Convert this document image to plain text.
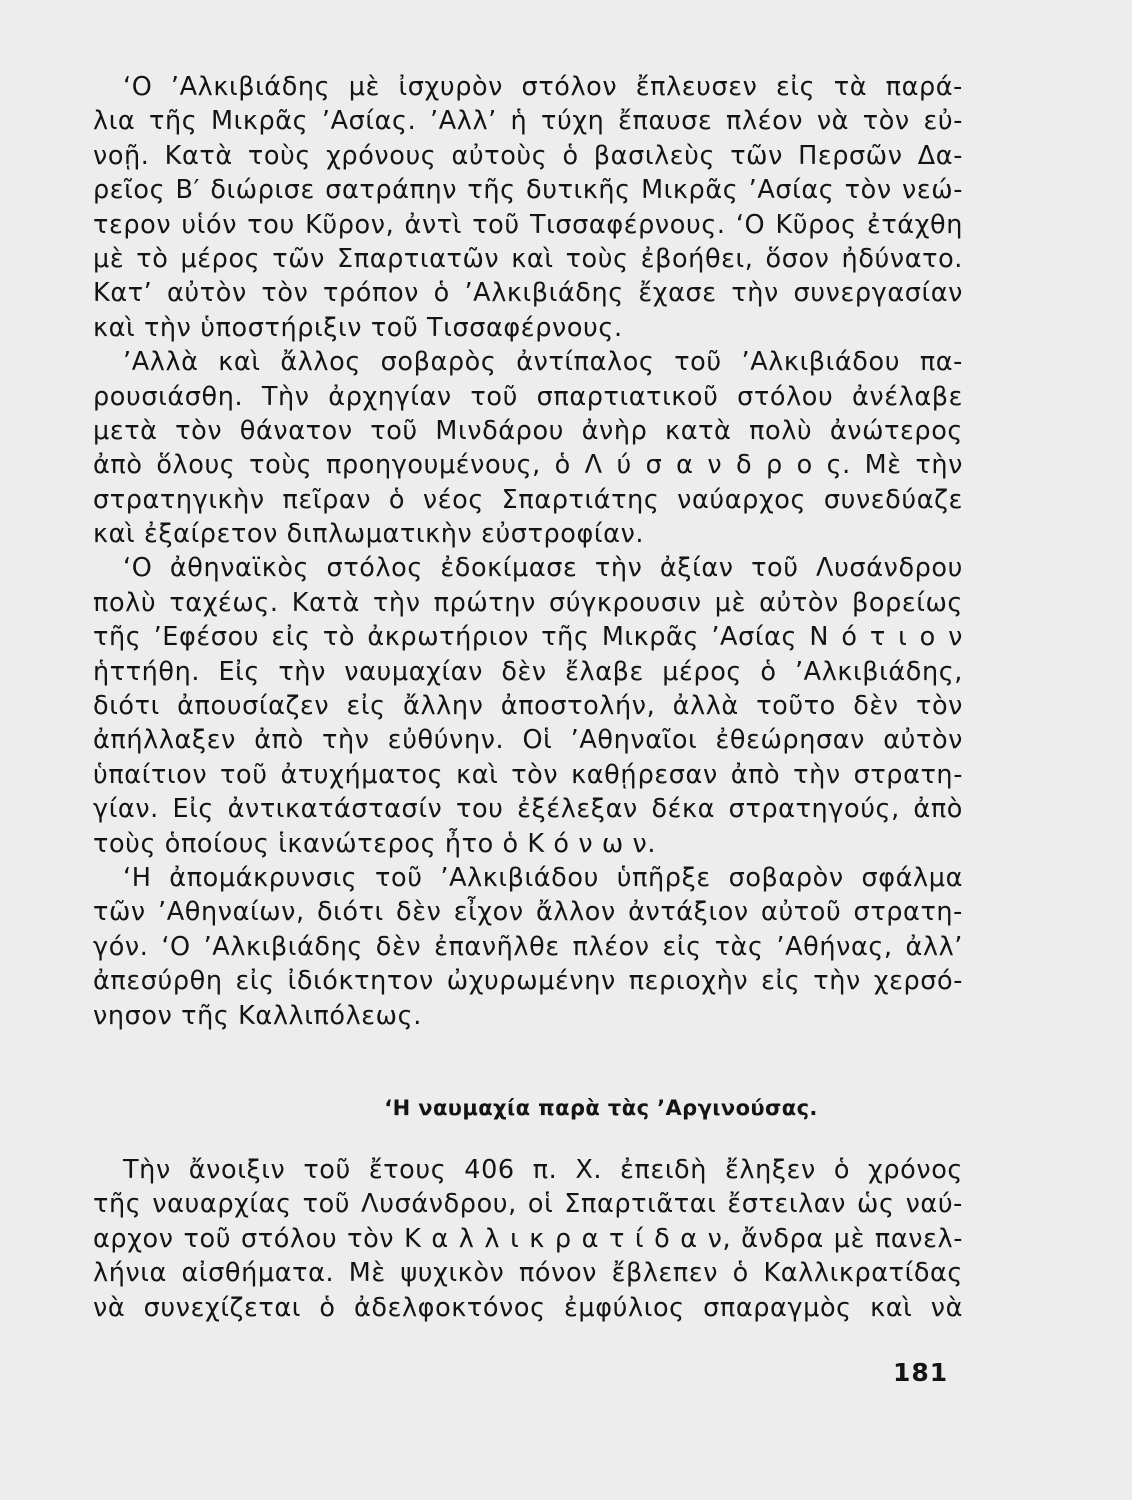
‘Ο ’Αλκιβιάδης μὲ ἰσχυρὸν στόλον ἔπλευσεν εἰς τὰ παρά-
λια τῆς Μικρᾶς ’Ασίας. ’Αλλ’ ἡ τύχη ἔπαυσε πλέον νὰ τὸν εὐ-
νοῇ. Κατὰ τοὺς χρόνους αὐτοὺς ὁ βασιλεὺς τῶν Περσῶν Δα-
ρεῖος Β′ διώρισε σατράπην τῆς δυτικῆς Μικρᾶς ’Ασίας τὸν νεώ-
τερον υἱόν του Κῦρον, ἀντὶ τοῦ Τισσαφέρνους. ‘Ο Κῦρος ἐτάχθη
μὲ τὸ μέρος τῶν Σπαρτιατῶν καὶ τοὺς ἐβοήθει, ὅσον ἠδύνατο.
Κατ’ αὐτὸν τὸν τρόπον ὁ ’Αλκιβιάδης ἔχασε τὴν συνεργασίαν
καὶ τὴν ὑποστήριξιν τοῦ Τισσαφέρνους.
’Αλλὰ καὶ ἄλλος σοβαρὸς ἀντίπαλος τοῦ ’Αλκιβιάδου πα-
ρουσιάσθη. Τὴν ἀρχηγίαν τοῦ σπαρτιατικοῦ στόλου ἀνέλαβε
μετὰ τὸν θάνατον τοῦ Μινδάρου ἀνὴρ κατὰ πολὺ ἀνώτερος
ἀπὸ ὅλους τοὺς προηγουμένους, ὁ Λ ύ σ α ν δ ρ ο ς. Μὲ τὴν
στρατηγικὴν πεῖραν ὁ νέος Σπαρτιάτης ναύαρχος συνεδύαζε
καὶ ἐξαίρετον διπλωματικὴν εὐστροφίαν.
‘Ο ἀθηναϊκὸς στόλος ἐδοκίμασε τὴν ἀξίαν τοῦ Λυσάνδρου
πολὺ ταχέως. Κατὰ τὴν πρώτην σύγκρουσιν μὲ αὐτὸν βορείως
τῆς ’Εφέσου εἰς τὸ ἀκρωτήριον τῆς Μικρᾶς ’Ασίας Ν ό τ ι ο ν
ἡττήθη. Εἰς τὴν ναυμαχίαν δὲν ἔλαβε μέρος ὁ ’Αλκιβιάδης,
διότι ἀπουσίαζεν εἰς ἄλλην ἀποστολήν, ἀλλὰ τοῦτο δὲν τὸν
ἀπήλλαξεν ἀπὸ τὴν εὐθύνην. Οἱ ’Αθηναῖοι ἐθεώρησαν αὐτὸν
ὑπαίτιον τοῦ ἀτυχήματος καὶ τὸν καθῄρεσαν ἀπὸ τὴν στρατη-
γίαν. Εἰς ἀντικατάστασίν του ἐξέλεξαν δέκα στρατηγούς, ἀπὸ
τοὺς ὁποίους ἱκανώτερος ἦτο ὁ Κ ό ν ω ν.
‘Η ἀπομάκρυνσις τοῦ ’Αλκιβιάδου ὑπῆρξε σοβαρὸν σφάλμα
τῶν ’Αθηναίων, διότι δὲν εἶχον ἄλλον ἀντάξιον αὐτοῦ στρατη-
γόν. ‘Ο ’Αλκιβιάδης δὲν ἐπανῆλθε πλέον εἰς τὰς ’Αθήνας, ἀλλ’
ἀπεσύρθη εἰς ἰδιόκτητον ὠχυρωμένην περιοχὴν εἰς τὴν χερσό-
νησον τῆς Καλλιπόλεως.
‘Η ναυμαχία παρὰ τὰς ’Αργινούσας.
Τὴν ἄνοιξιν τοῦ ἔτους 406 π. Χ. ἐπειδὴ ἔληξεν ὁ χρόνος
τῆς ναυαρχίας τοῦ Λυσάνδρου, οἱ Σπαρτιᾶται ἔστειλαν ὡς ναύ-
αρχον τοῦ στόλου τὸν Κ α λ λ ι κ ρ α τ ί δ α ν, ἄνδρα μὲ πανελ-
λήνια αἰσθήματα. Μὲ ψυχικὸν πόνον ἔβλεπεν ὁ Καλλικρατίδας
νὰ συνεχίζεται ὁ ἀδελφοκτόνος ἐμφύλιος σπαραγμὸς καὶ νὰ
181
